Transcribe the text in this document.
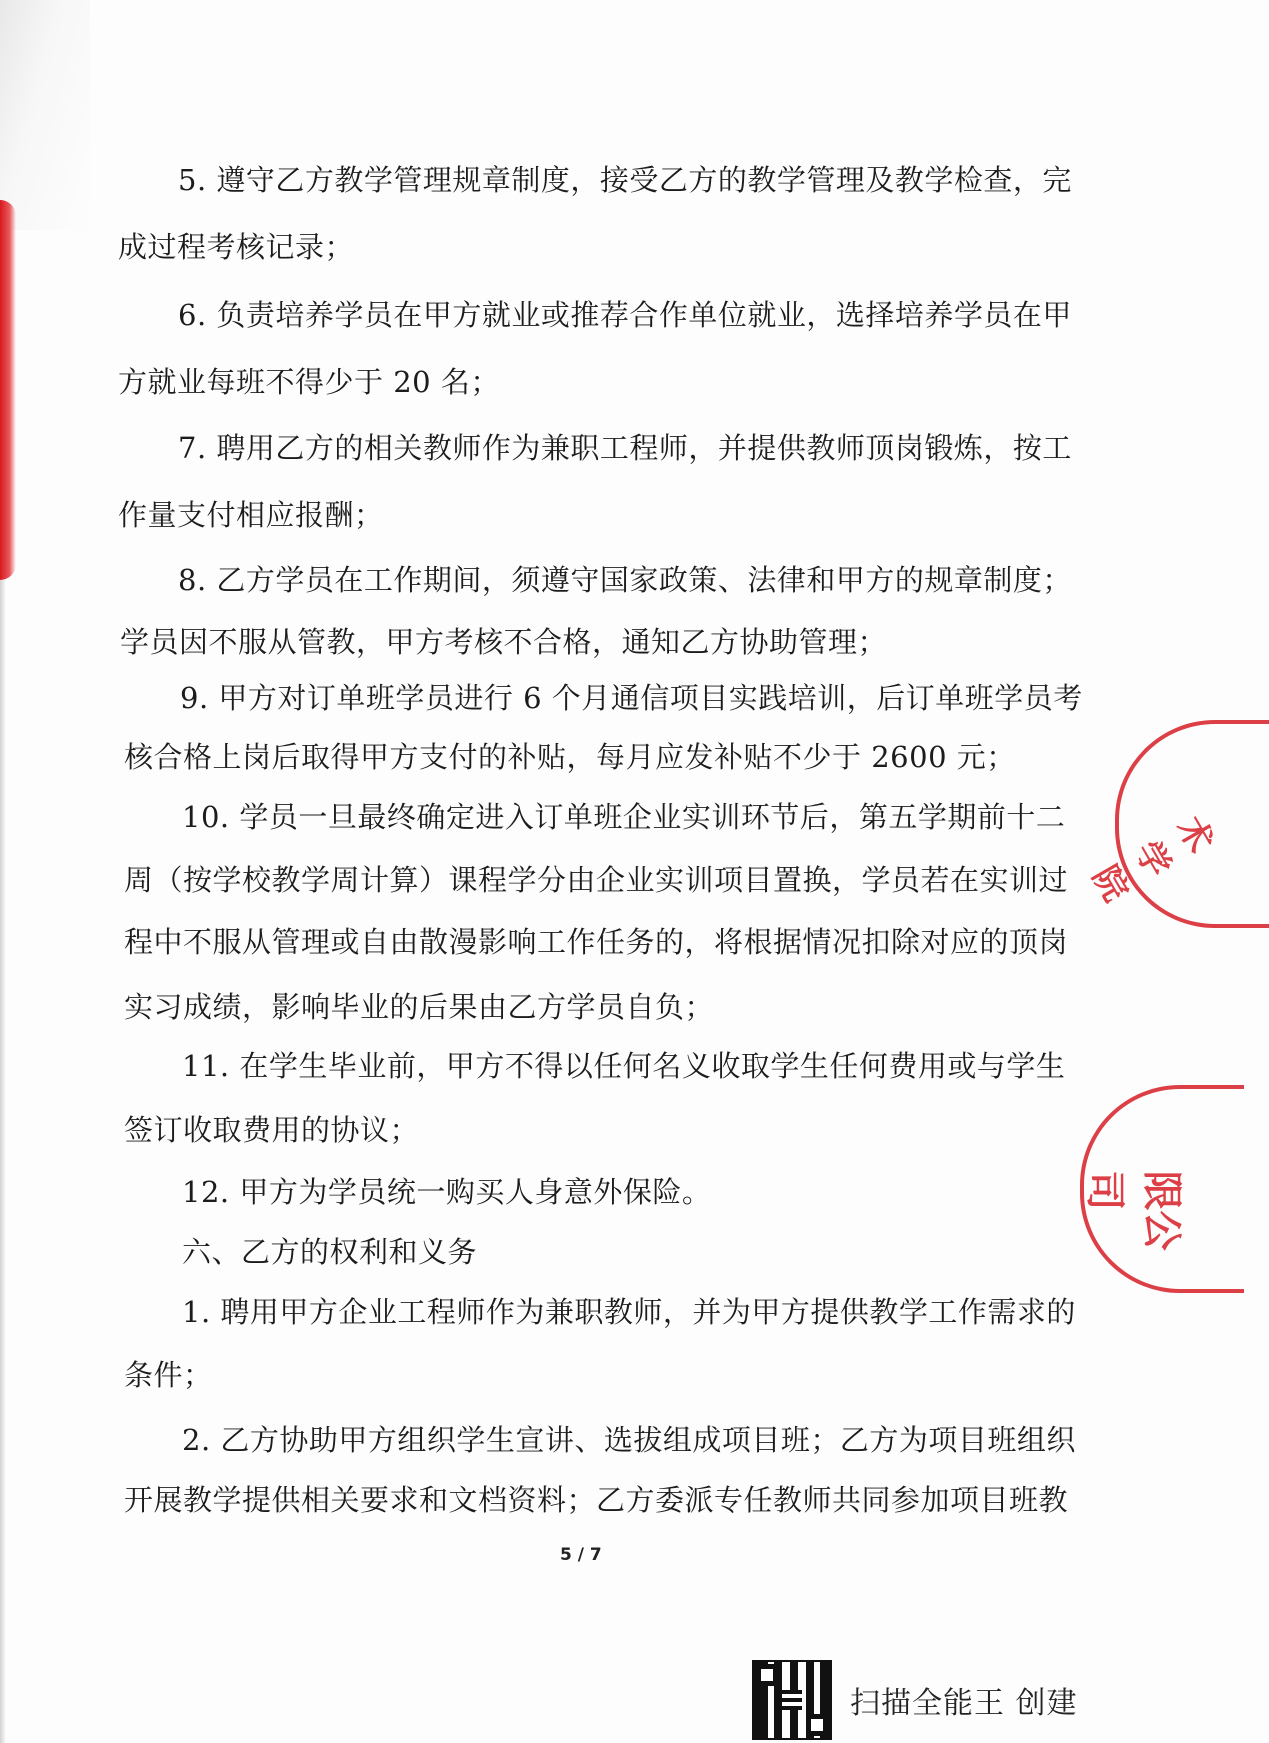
5. 遵守乙方教学管理规章制度，接受乙方的教学管理及教学检查，完
成过程考核记录；
6. 负责培养学员在甲方就业或推荐合作单位就业，选择培养学员在甲
方就业每班不得少于 20 名；
7. 聘用乙方的相关教师作为兼职工程师，并提供教师顶岗锻炼，按工
作量支付相应报酬；
8. 乙方学员在工作期间，须遵守国家政策、法律和甲方的规章制度；
学员因不服从管教，甲方考核不合格，通知乙方协助管理；
9. 甲方对订单班学员进行 6 个月通信项目实践培训，后订单班学员考
核合格上岗后取得甲方支付的补贴，每月应发补贴不少于 2600 元；
10. 学员一旦最终确定进入订单班企业实训环节后，第五学期前十二
周（按学校教学周计算）课程学分由企业实训项目置换，学员若在实训过
程中不服从管理或自由散漫影响工作任务的，将根据情况扣除对应的顶岗
实习成绩，影响毕业的后果由乙方学员自负；
11. 在学生毕业前，甲方不得以任何名义收取学生任何费用或与学生
签订收取费用的协议；
12. 甲方为学员统一购买人身意外保险。
六、乙方的权利和义务
1. 聘用甲方企业工程师作为兼职教师，并为甲方提供教学工作需求的
条件；
2. 乙方协助甲方组织学生宣讲、选拔组成项目班；乙方为项目班组织
开展教学提供相关要求和文档资料；乙方委派专任教师共同参加项目班教
5 / 7
术学院
限公司
扫描全能王 创建
